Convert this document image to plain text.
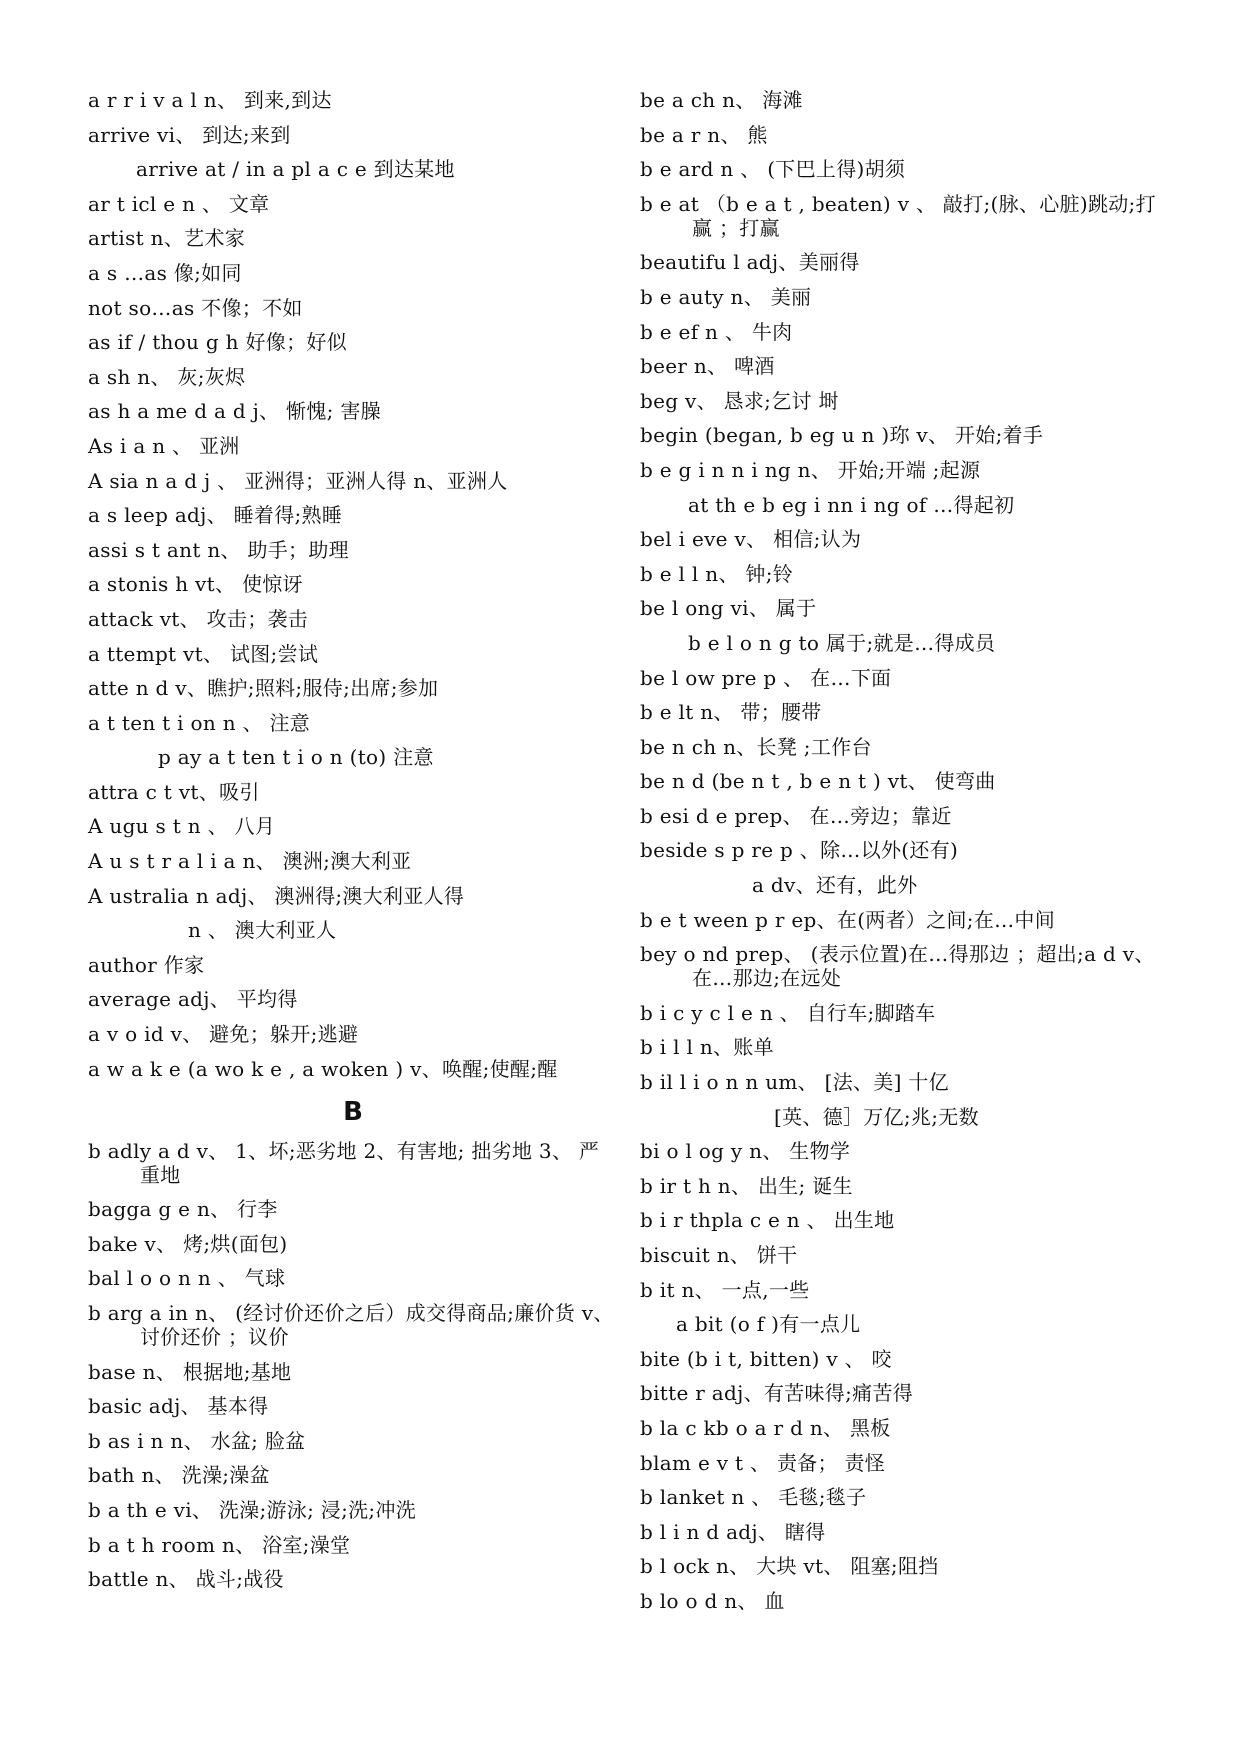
a r r i v a l n、 到来,到达
arrive vi、 到达;来到
arrive at / in a pl a c e 到达某地
ar t icl e n 、 文章
artist n、艺术家
a s …as 像;如同
not so…as 不像；不如
as if / thou g h 好像；好似
a sh n、 灰;灰烬
as h a me d a d j、 惭愧; 害臊
As i a n 、 亚洲
A sia n a d j 、 亚洲得；亚洲人得 n、亚洲人
a s leep adj、 睡着得;熟睡
assi s t ant n、 助手；助理
a stonis h vt、 使惊讶
attack vt、 攻击；袭击
a ttempt vt、 试图;尝试
atte n d v、瞧护;照料;服侍;出席;参加
a t ten t i on n 、 注意
p ay a t ten t i o n (to) 注意
attra c t vt、吸引
A ugu s t n 、 八月
A u s t r a l i a n、 澳洲;澳大利亚
A ustralia n adj、 澳洲得;澳大利亚人得
n 、 澳大利亚人
author 作家
average adj、 平均得
a v o id v、 避免；躲开;逃避
a w a k e (a wo k e , a woken ) v、唤醒;使醒;醒
B
b adly a d v、 1、坏;恶劣地 2、有害地; 拙劣地 3、 严重地
bagga g e n、 行李
bake v、 烤;烘(面包)
bal l o o n n 、 气球
b arg a in n、 (经讨价还价之后）成交得商品;廉价货 v、讨价还价 ；议价
base n、 根据地;基地
basic adj、 基本得
b as i n n、 水盆; 脸盆
bath n、 洗澡;澡盆
b a th e vi、 洗澡;游泳; 浸;洗;冲洗
b a t h room n、 浴室;澡堂
battle n、 战斗;战役
be a ch n、 海滩
be a r n、 熊
b e ard n 、 (下巴上得)胡须
b e at （b e a t , beaten) v 、 敲打;(脉、心脏)跳动;打赢 ；打赢
beautifu l adj、美丽得
b e auty n、 美丽
b e ef n 、 牛肉
beer n、 啤酒
beg v、 恳求;乞讨 埘
begin (began, b eg u n )珎 v、 开始;着手
b e g i n n i ng n、 开始;开端 ;起源
at th e b eg i nn i ng of …得起初
bel i eve v、 相信;认为
b e l l n、 钟;铃
be l ong vi、 属于
b e l o n g to 属于;就是…得成员
be l ow pre p 、 在…下面
b e lt n、 带；腰带
be n ch n、长凳 ;工作台
be n d (be n t , b e n t ) vt、 使弯曲
b esi d e prep、 在…旁边；靠近
beside s p re p 、除…以外(还有)
a dv、还有，此外
b e t ween p r ep、在(两者）之间;在…中间
bey o nd prep、 (表示位置)在…得那边 ；超出;a d v、 在…那边;在远处
b i c y c l e n 、 自行车;脚踏车
b i l l n、账单
b il l i o n n um、 [法、美] 十亿
[英、德］万亿;兆;无数
bi o l og y n、 生物学
b ir t h n、 出生; 诞生
b i r thpla c e n 、 出生地
biscuit n、 饼干
b it n、 一点,一些
a bit (o f )有一点儿
bite (b i t, bitten) v 、 咬
bitte r adj、有苦味得;痛苦得
b la c kb o a r d n、 黑板
blam e v t 、 责备； 责怪
b lanket n 、 毛毯;毯子
b l i n d adj、 瞎得
b l ock n、 大块 vt、 阻塞;阻挡
b lo o d n、 血
